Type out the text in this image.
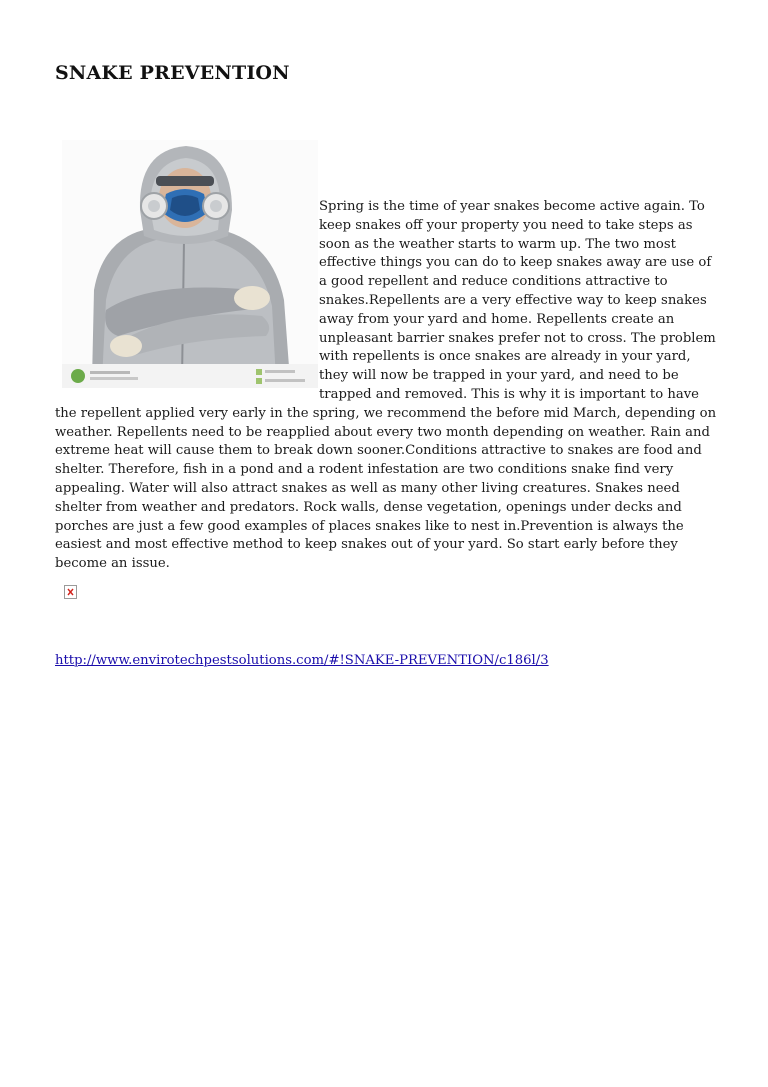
SNAKE PREVENTION
Spring is the time of year snakes become active again. To keep snakes off your property you need to take steps as soon as the weather starts to warm up. The two most effective things you can do to keep snakes away are use of a good repellent and reduce conditions attractive to snakes.Repellents are a very effective way to keep snakes away from your yard and home. Repellents create an unpleasant barrier snakes prefer not to cross. The problem with repellents is once snakes are already in your yard, they will now be trapped in your yard, and need to be trapped and removed. This is why it is important to have the repellent applied very early in the spring, we recommend the before mid March, depending on weather. Repellents need to be reapplied about every two month depending on weather. Rain and extreme heat will cause them to break down sooner.Conditions attractive to snakes are food and shelter. Therefore, fish in a pond and a rodent infestation are two conditions snake find very appealing. Water will also attract snakes as well as many other living creatures. Snakes need shelter from weather and predators. Rock walls, dense vegetation, openings under decks and porches are just a few good examples of places snakes like to nest in.Prevention is always the easiest and most effective method to keep snakes out of your yard. So start early before they become an issue.
http://www.envirotechpestsolutions.com/#!SNAKE-PREVENTION/c186l/3
